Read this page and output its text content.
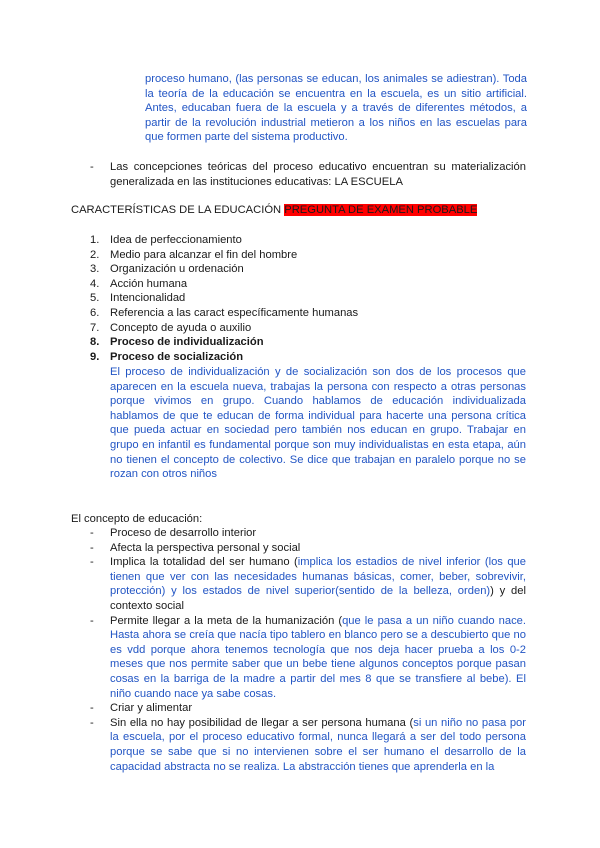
proceso humano, (las personas se educan, los animales se adiestran). Toda la teoría de la educación se encuentra en la escuela, es un sitio artificial. Antes, educaban fuera de la escuela y a través de diferentes métodos, a partir de la revolución industrial metieron a los niños en las escuelas para que formen parte del sistema productivo.

-	Las concepciones teóricas del proceso educativo encuentran su materialización generalizada en las instituciones educativas: LA ESCUELA
CARACTERÍSTICAS DE LA EDUCACIÓN PREGUNTA DE EXAMEN PROBABLE
1. Idea de perfeccionamiento
2. Medio para alcanzar el fin del hombre
3. Organización u ordenación
4. Acción humana
5. Intencionalidad
6. Referencia a las caract específicamente humanas
7. Concepto de ayuda o auxilio
8. Proceso de individualización
9. Proceso de socialización

El proceso de individualización y de socialización son dos de los procesos que aparecen en la escuela nueva, trabajas la persona con respecto a otras personas porque vivimos en grupo. Cuando hablamos de educación individualizada hablamos de que te educan de forma individual para hacerte una persona crítica que pueda actuar en sociedad pero también nos educan en grupo. Trabajar en grupo en infantil es fundamental porque son muy individualistas en esta etapa, aún no tienen el concepto de colectivo. Se dice que trabajan en paralelo porque no se rozan con otros niños

El concepto de educación:
-	Proceso de desarrollo interior
-	Afecta la perspectiva personal y social
-	Implica la totalidad del ser humano (implica los estadios de nivel inferior (los que tienen que ver con las necesidades humanas básicas, comer, beber, sobrevivir, protección) y los estados de nivel superior(sentido de la belleza, orden)) y del contexto social
-	Permite llegar a la meta de la humanización (que le pasa a un niño cuando nace. Hasta ahora se creía que nacía tipo tablero en blanco pero se a descubierto que no es vdd porque ahora tenemos tecnología que nos deja hacer prueba a los 0-2 meses que nos permite saber que un bebe tiene algunos conceptos porque pasan cosas en la barriga de la madre a partir del mes 8 que se transfiere al bebe). El niño cuando nace ya sabe cosas.
-	Criar y alimentar
-	Sin ella no hay posibilidad de llegar a ser persona humana (si un niño no pasa por la escuela, por el proceso educativo formal, nunca llegará a ser del todo persona porque se sabe que si no intervienen sobre el ser humano el desarrollo de la capacidad abstracta no se realiza. La abstracción tienes que aprenderla en la
